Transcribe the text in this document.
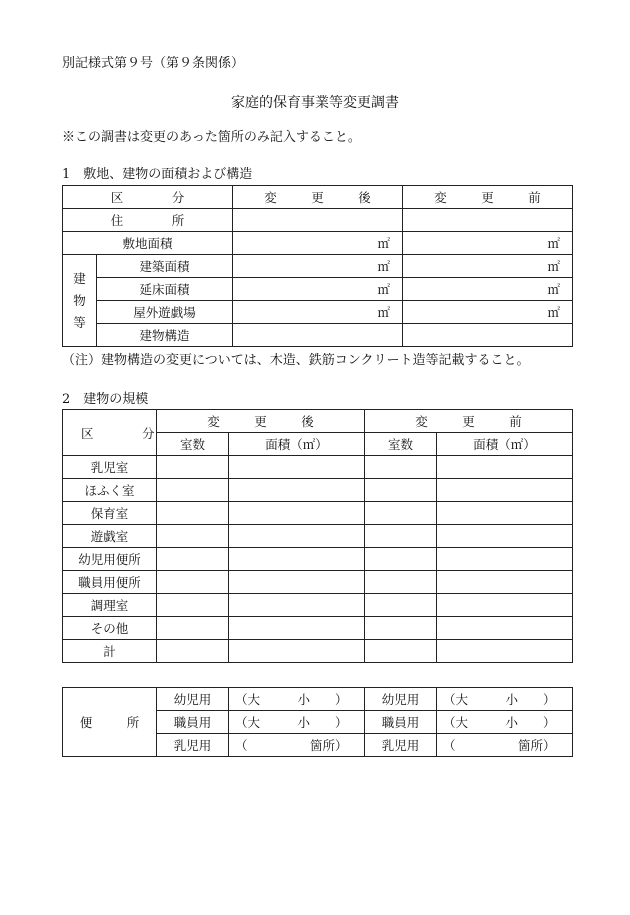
別記様式第９号（第９条関係）
家庭的保育事業等変更調書
※この調書は変更のあった箇所のみ記入すること。
1　敷地、建物の面積および構造
区　分		変　更　後	変　更　前
住　所			
敷地面積		㎡	㎡

建
物
等	建築面積	㎡	㎡
	延床面積	㎡	㎡
	屋外遊戯場	㎡	㎡
	建物構造		
（注）建物構造の変更については、木造、鉄筋コンクリート造等記載すること。
2　建物の規模
区　分	変　更　後		変　更　前	
	室数	面積（㎡）	室数	面積（㎡）
乳児室				
ほふく室				
保育室				
遊戯室				
幼児用便所				
職員用便所				
調理室				
その他				
計				
便　所	幼児用	（大　　　小　　）	幼児用	（大　　　小　　）
	職員用	（大　　　小　　）	職員用	（大　　　小　　）
	乳児用	（　　　　　箇所）	乳児用	（　　　　　箇所）
